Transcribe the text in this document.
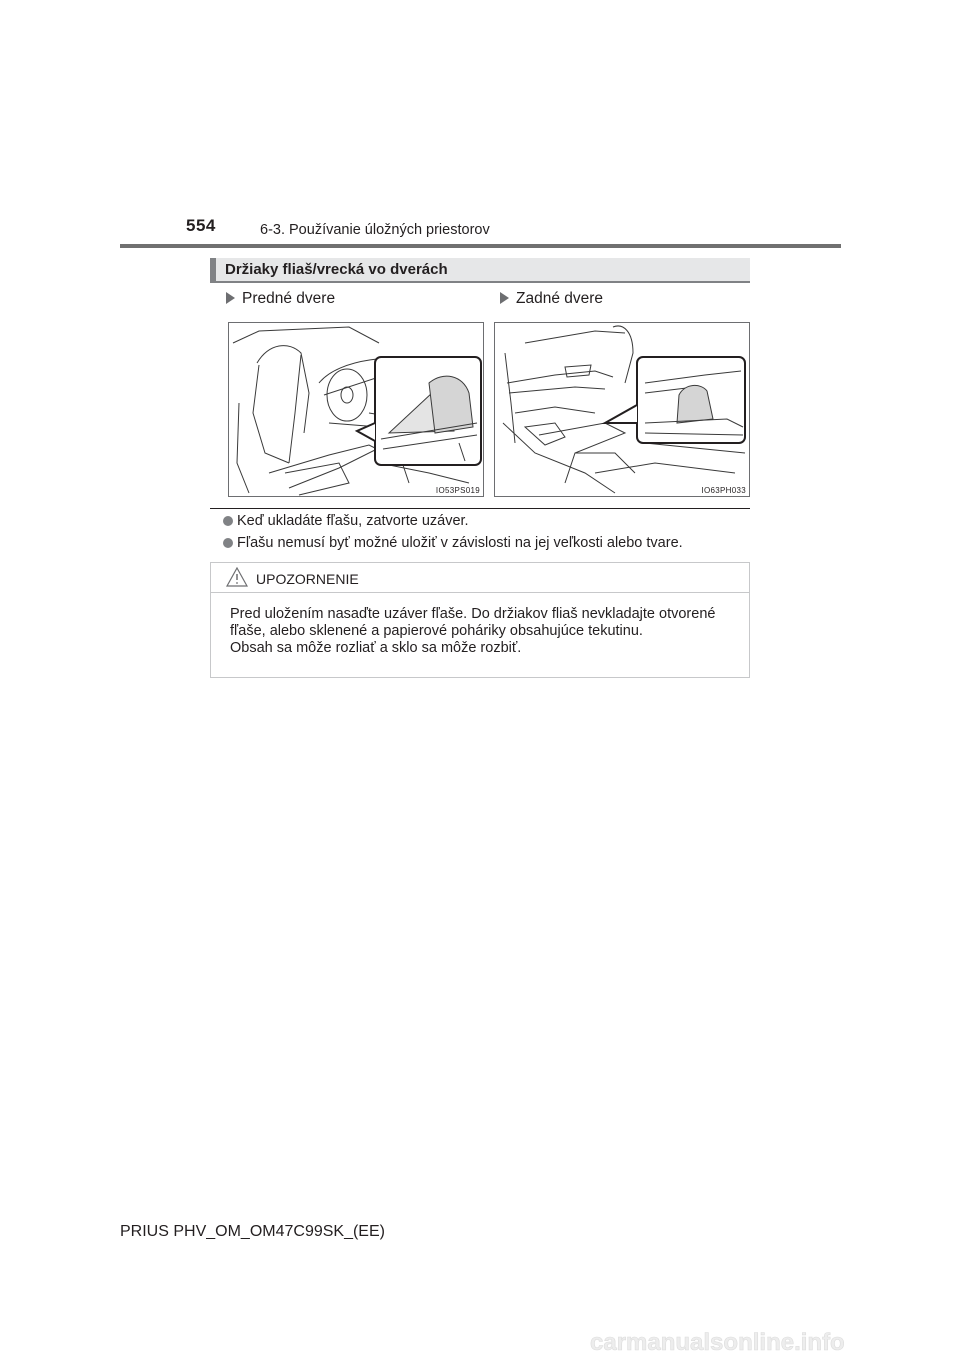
554	6-3. Používanie úložných priestorov
Držiaky fliaš/vrecká vo dverách
Predné dvere	Zadné dvere
IO53PS019	IO63PH033
Keď ukladáte fľašu, zatvorte uzáver.
Fľašu nemusí byť možné uložiť v závislosti na jej veľkosti alebo tvare.
UPOZORNENIE

Pred uložením nasaďte uzáver fľaše. Do držiakov fliaš nevkladajte otvorené

fľaše, alebo sklenené a papierové poháriky obsahujúce tekutinu.

Obsah sa môže rozliať a sklo sa môže rozbiť.

PRIUS PHV_OM_OM47C99SK_(EE)
carmanualsonline.info
